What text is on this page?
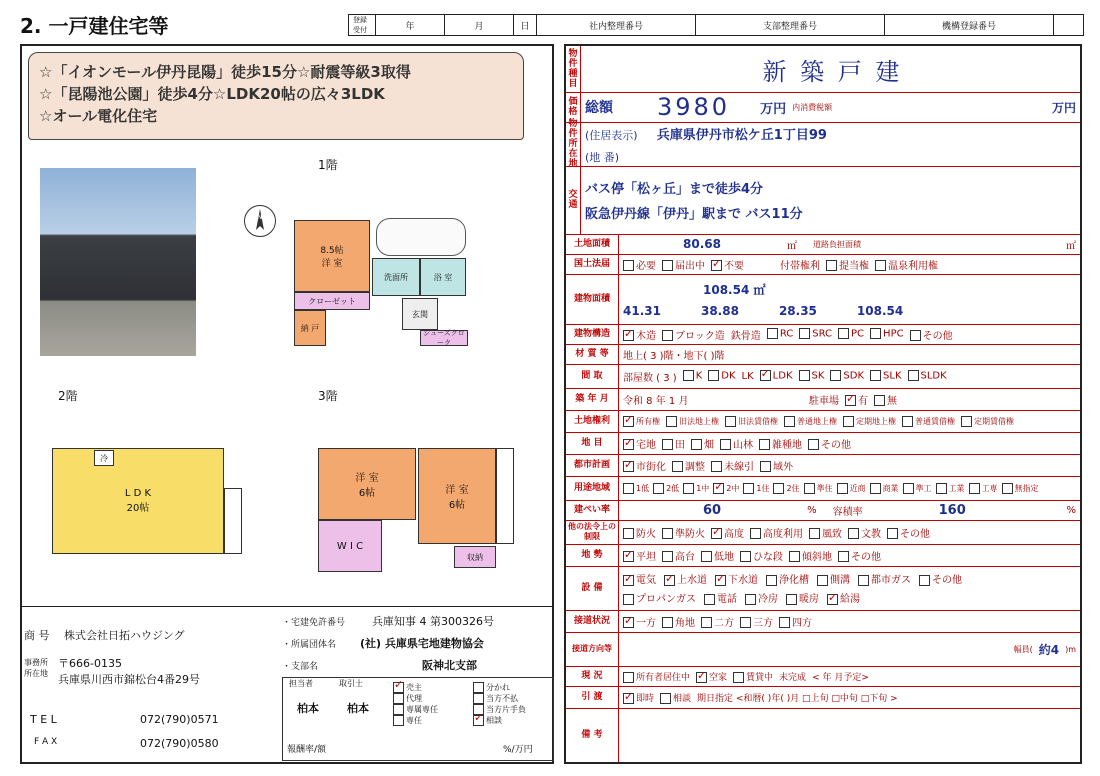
2. 一戸建住宅等	登録受付	年	月	日	社内整理番号	支部整理番号	機構登録番号
☆「イオンモール伊丹昆陽」徒歩15分☆耐震等級3取得
☆「昆陽池公園」徒歩4分☆LDK20帖の広々3LDK
☆オール電化住宅
N
1階
2階	3階
8.5帖
洋 室
クローゼット
納 戸
洗面所	浴 室
玄関
シューズクローク
L D K
20帖
冷
洋 室
6帖	洋 室
6帖
W I C
収納
商 号 株式会社日拓ハウジング
事務所所在地
〒666-0135
兵庫県川西市錦松台4番29号
T E L	072(790)0571
F A X	072(790)0580
・宅建免許番号 兵庫知事 4 第300326号
・所属団体名 (社) 兵庫県宅地建物協会
・支部名	阪神北支部
担当者	取引士
柏本	柏本
報酬率/額	%/万円
✓売主
代理
専属専任
専任
分かれ
当方不払
当方片手負
✓相談
物件種目	新 築 戸 建
価格 総額 3980 万円 内消費税額	万円
物件所在地
(住居表示) 兵庫県伊丹市松ケ丘1丁目99
(地 番)
交通
バス停「松ヶ丘」まで徒歩4分
阪急伊丹線「伊丹」駅まで バス11分
土地面積	80.68	㎡ 道路負担面積	㎡
国土法届	必要	届出中 ✓	不要	付帯権利	提当権	温泉利用権
建物面積
108.54 ㎡
41.31	38.88	28.35	108.54
建物構造 ✓	木造	ブロック造 鉄骨造	RC	SRC	PC	HPC	その他
材 質 等	地上( 3 )階・地下( )階
間 取	部屋数 ( 3 )	K	DK LK ✓	LDK	SK	SDK	SLK	SLDK
築 年 月	令和 8 年 1 月	駐車場 ✓	有	無
土地権利 ✓	所有権	旧法地上権	旧法賃借権	普通地上権	定期地上権	普通賃借権	定期賃借権
地 目 ✓	宅地	田	畑	山林	雑種地	その他
都市計画 ✓	市街化	調整	未線引	域外
用途地域	1低	2低	1中 ✓	2中	1住	2住	準住	近商	商業	準工	工業	工専	無指定
建ぺい率	60	% 容積率	160	%
他の法令上の制限	防火	準防火 ✓	高度	高度利用	風致	文教	その他
地 勢 ✓	平坦	高台	低地	ひな段	傾斜地	その他
設 備
✓電気 ✓	上水道 ✓	下水道	浄化槽	側溝	都市ガス	その他
プロパンガス	電話	冷房	暖房 ✓	給湯
接道状況 ✓	一方	角地	二方	三方	四方
接道方向等	幅員( 約4 )m
現 況	所有者居住中 ✓	空家	賃貸中 未完成 < 年 月予定>
引 渡 ✓	即時	相談 期日指定 <和暦( )年( )月 □上旬 □中旬 □下旬 >
備 考
